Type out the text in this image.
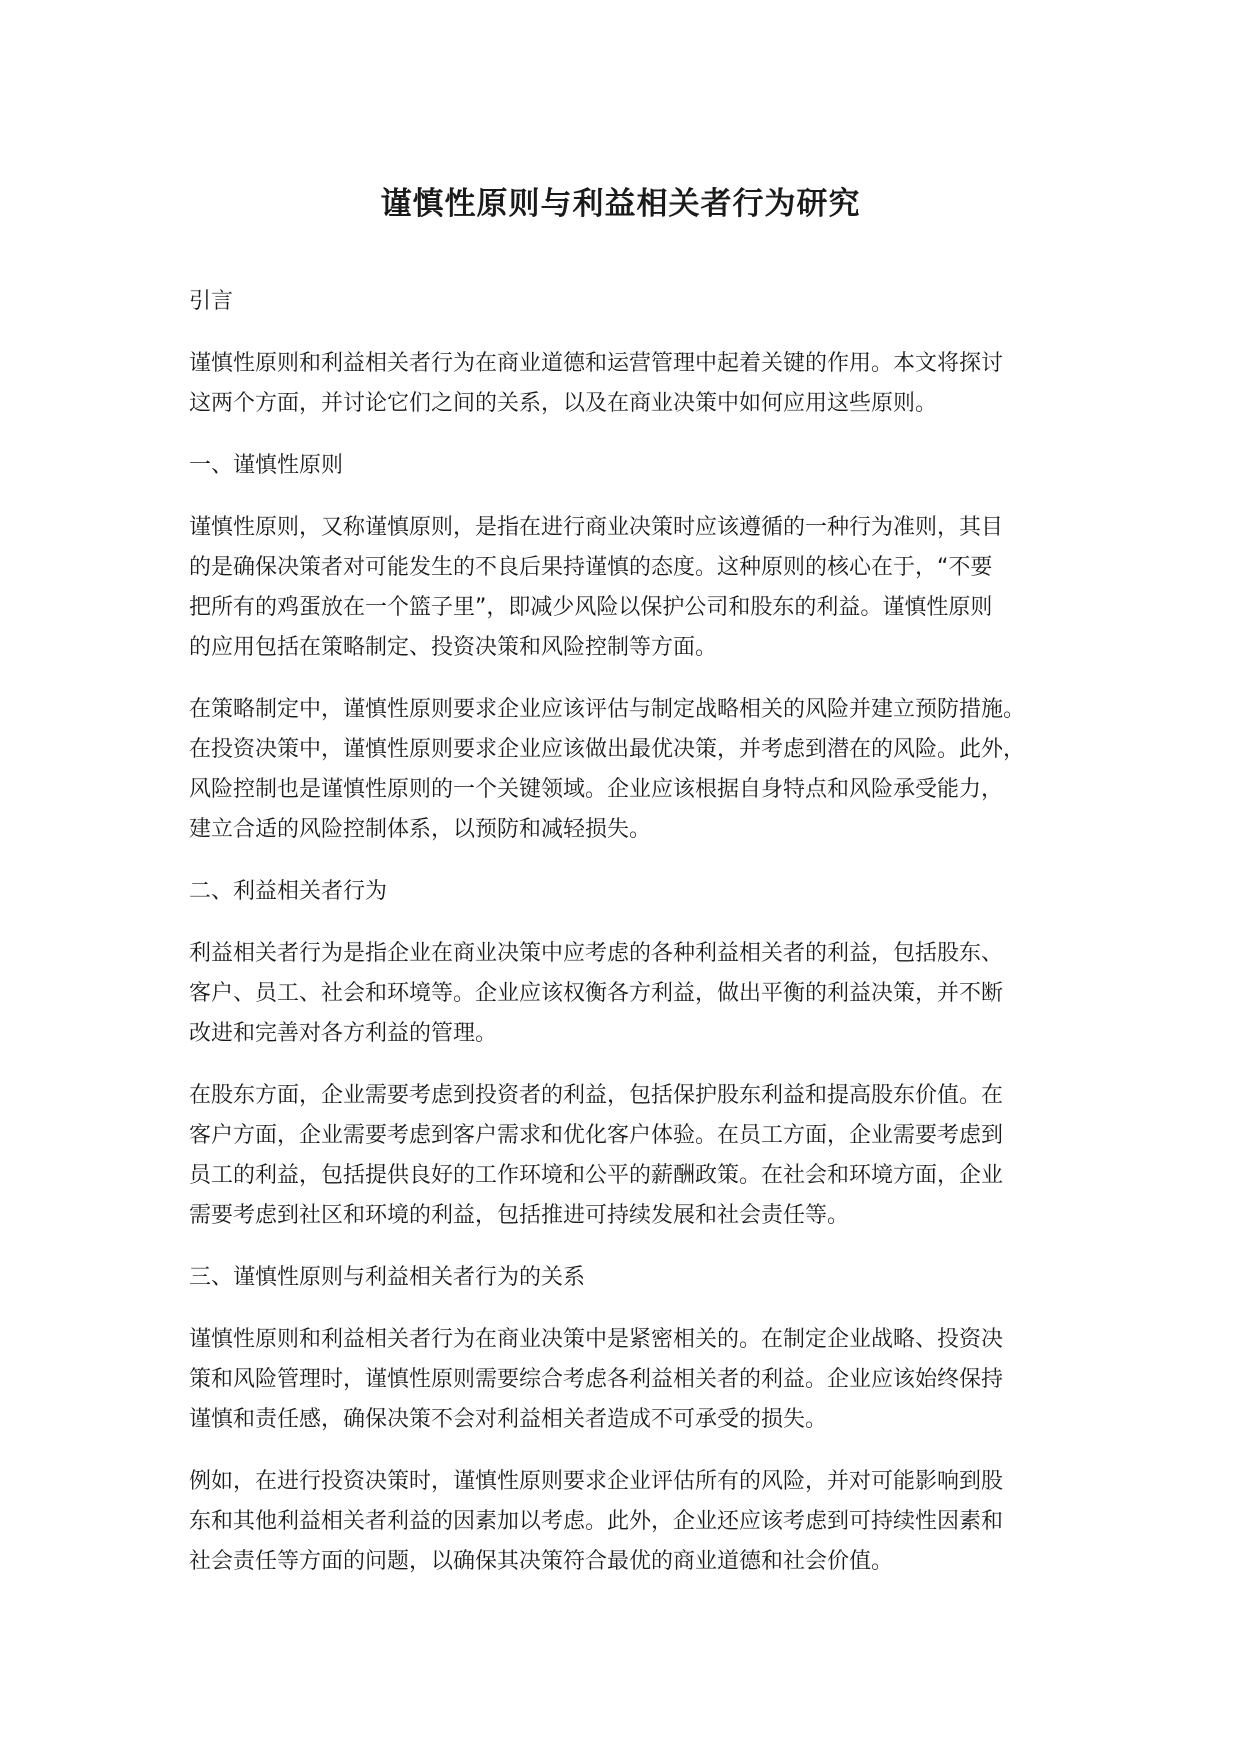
谨慎性原则与利益相关者行为研究

引言

谨慎性原则和利益相关者行为在商业道德和运营管理中起着关键的作用。本文将探讨
这两个方面，并讨论它们之间的关系，以及在商业决策中如何应用这些原则。

一、谨慎性原则

谨慎性原则，又称谨慎原则，是指在进行商业决策时应该遵循的一种行为准则，其目
的是确保决策者对可能发生的不良后果持谨慎的态度。这种原则的核心在于，“不要
把所有的鸡蛋放在一个篮子里”，即减少风险以保护公司和股东的利益。谨慎性原则
的应用包括在策略制定、投资决策和风险控制等方面。

在策略制定中，谨慎性原则要求企业应该评估与制定战略相关的风险并建立预防措施。
在投资决策中，谨慎性原则要求企业应该做出最优决策，并考虑到潜在的风险。此外，
风险控制也是谨慎性原则的一个关键领域。企业应该根据自身特点和风险承受能力，
建立合适的风险控制体系，以预防和减轻损失。

二、利益相关者行为

利益相关者行为是指企业在商业决策中应考虑的各种利益相关者的利益，包括股东、
客户、员工、社会和环境等。企业应该权衡各方利益，做出平衡的利益决策，并不断
改进和完善对各方利益的管理。

在股东方面，企业需要考虑到投资者的利益，包括保护股东利益和提高股东价值。在
客户方面，企业需要考虑到客户需求和优化客户体验。在员工方面，企业需要考虑到
员工的利益，包括提供良好的工作环境和公平的薪酬政策。在社会和环境方面，企业
需要考虑到社区和环境的利益，包括推进可持续发展和社会责任等。

三、谨慎性原则与利益相关者行为的关系

谨慎性原则和利益相关者行为在商业决策中是紧密相关的。在制定企业战略、投资决
策和风险管理时，谨慎性原则需要综合考虑各利益相关者的利益。企业应该始终保持
谨慎和责任感，确保决策不会对利益相关者造成不可承受的损失。

例如，在进行投资决策时，谨慎性原则要求企业评估所有的风险，并对可能影响到股
东和其他利益相关者利益的因素加以考虑。此外，企业还应该考虑到可持续性因素和
社会责任等方面的问题，以确保其决策符合最优的商业道德和社会价值。
